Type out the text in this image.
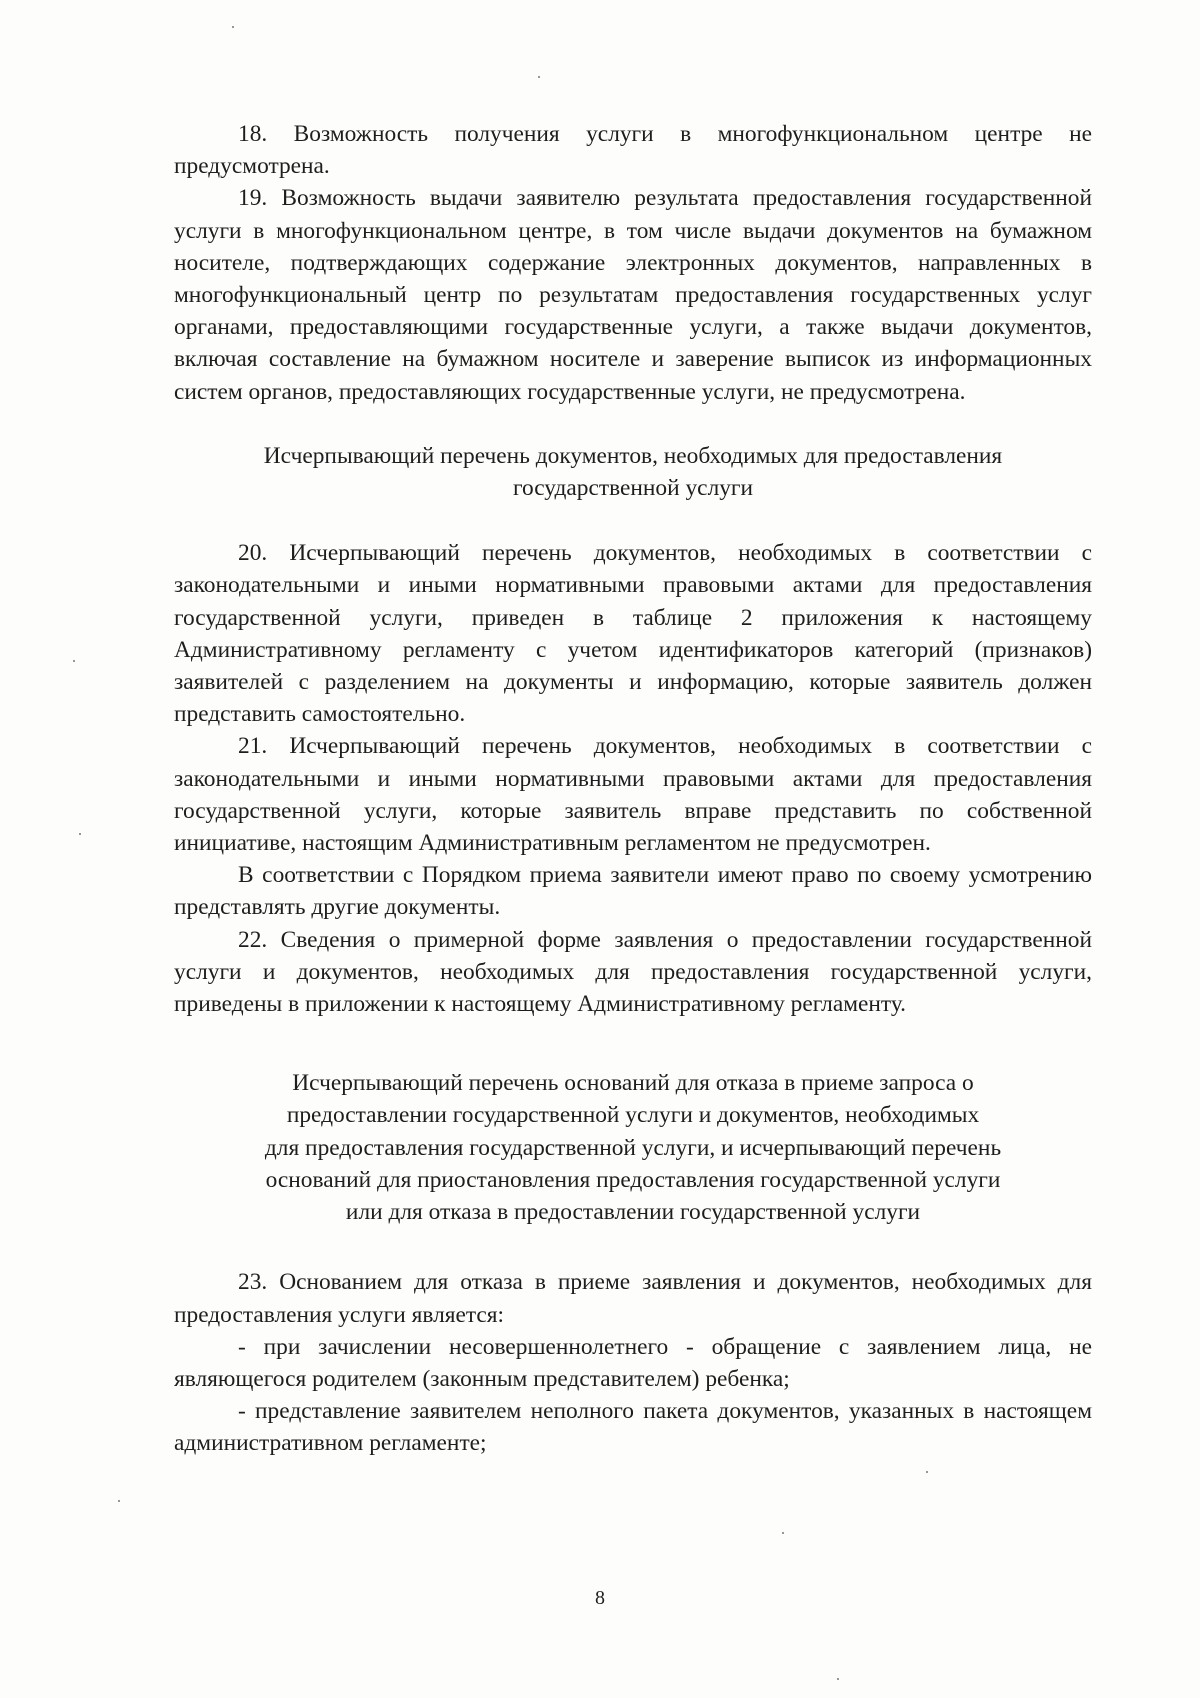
18. Возможность получения услуги в многофункциональном центре не предусмотрена.

19. Возможность выдачи заявителю результата предоставления государственной услуги в многофункциональном центре, в том числе выдачи документов на бумажном носителе, подтверждающих содержание электронных документов, направленных в многофункциональный центр по результатам предоставления государственных услуг органами, предоставляющими государственные услуги, а также выдачи документов, включая составление на бумажном носителе и заверение выписок из информационных систем органов, предоставляющих государственные услуги, не предусмотрена.

Исчерпывающий перечень документов, необходимых для предоставления
государственной услуги

20. Исчерпывающий перечень документов, необходимых в соответствии с законодательными и иными нормативными правовыми актами для предоставления государственной услуги, приведен в таблице 2 приложения к настоящему Административному регламенту с учетом идентификаторов категорий (признаков) заявителей с разделением на документы и информацию, которые заявитель должен представить самостоятельно.

21. Исчерпывающий перечень документов, необходимых в соответствии с законодательными и иными нормативными правовыми актами для предоставления государственной услуги, которые заявитель вправе представить по собственной инициативе, настоящим Административным регламентом не предусмотрен.

В соответствии с Порядком приема заявители имеют право по своему усмотрению представлять другие документы.

22. Сведения о примерной форме заявления о предоставлении государственной услуги и документов, необходимых для предоставления государственной услуги, приведены в приложении к настоящему Административному регламенту.

Исчерпывающий перечень оснований для отказа в приеме запроса о
предоставлении государственной услуги и документов, необходимых
для предоставления государственной услуги, и исчерпывающий перечень
оснований для приостановления предоставления государственной услуги
или для отказа в предоставлении государственной услуги

23. Основанием для отказа в приеме заявления и документов, необходимых для предоставления услуги является:

- при зачислении несовершеннолетнего - обращение с заявлением лица, не являющегося родителем (законным представителем) ребенка;

- представление заявителем неполного пакета документов, указанных в настоящем административном регламенте;

8
